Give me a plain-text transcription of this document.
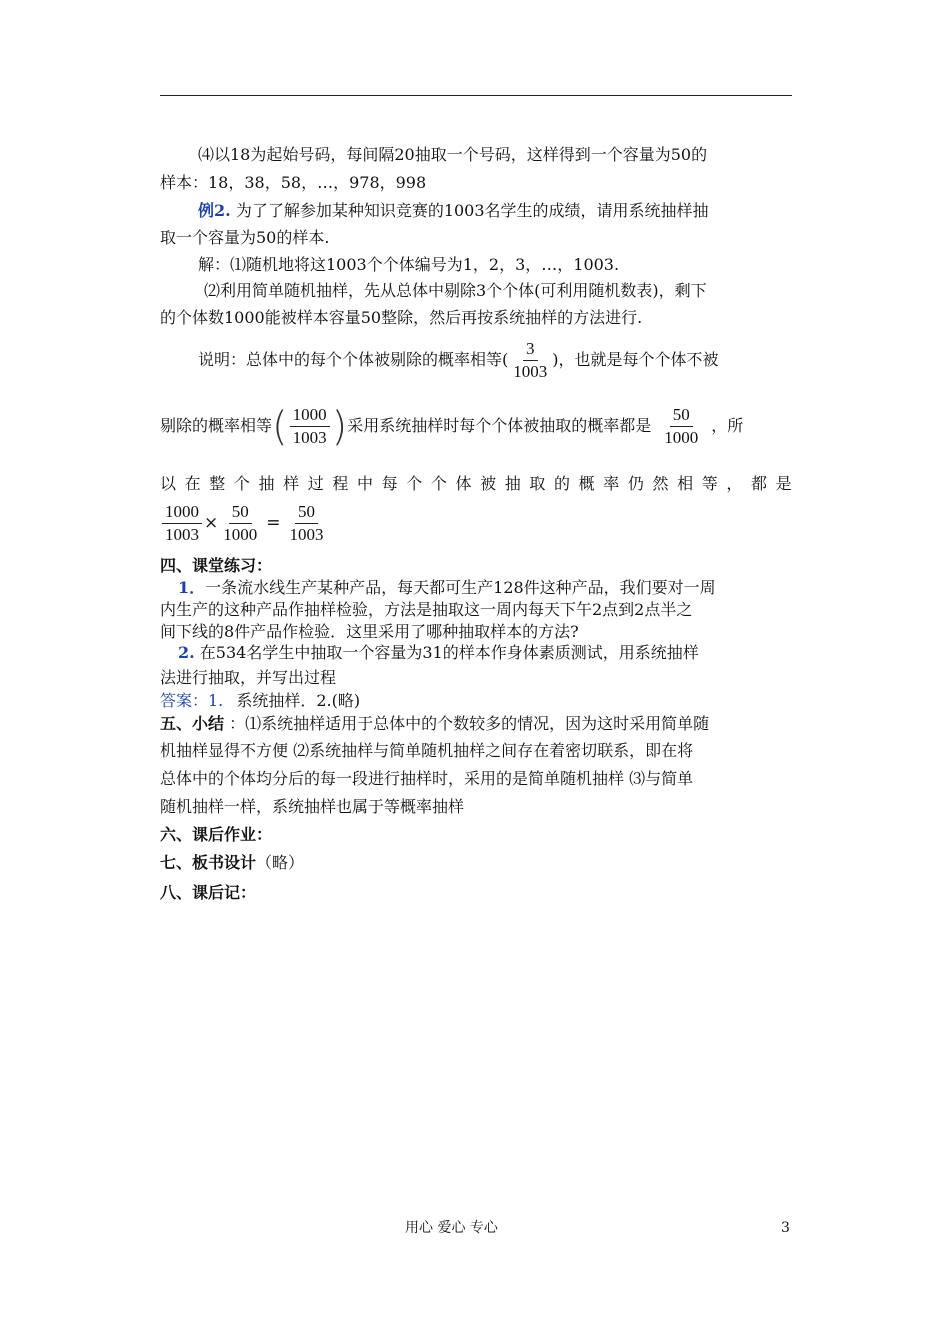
⑷以18为起始号码，每间隔20抽取一个号码，这样得到一个容量为50的
样本：18，38，58，…，978，998
例2. 为了了解参加某种知识竞赛的1003名学生的成绩，请用系统抽样抽
取一个容量为50的样本.
解：⑴随机地将这1003个个体编号为1，2，3，…，1003.
⑵利用简单随机抽样，先从总体中剔除3个个体(可利用随机数表)，剩下
的个体数1000能被样本容量50整除，然后再按系统抽样的方法进行.
说明：总体中的每个个体被剔除的概率相等( $\frac{3}{1003}$ )，也就是每个个体不被
剔除的概率相等( $\frac{1000}{1003}$ )采用系统抽样时每个个体被抽取的概率都是 $\frac{50}{1000}$ ，所
以 在 整 个 抽 样 过 程 中 每 个 个 体 被 抽 取 的 概 率 仍 然 相 等 ， 都 是
$\frac{1000}{1003} \times \frac{50}{1000} = \frac{50}{1003}$
四、课堂练习：
1．一条流水线生产某种产品，每天都可生产128件这种产品，我们要对一周
内生产的这种产品作抽样检验，方法是抽取这一周内每天下午2点到2点半之
间下线的8件产品作检验．这里采用了哪种抽取样本的方法?
2. 在534名学生中抽取一个容量为31的样本作身体素质测试，用系统抽样
法进行抽取，并写出过程
答案：1. 系统抽样．2.(略)
五、小结 ：⑴系统抽样适用于总体中的个数较多的情况，因为这时采用简单随
机抽样显得不方便 ⑵系统抽样与简单随机抽样之间存在着密切联系，即在将
总体中的个体均分后的每一段进行抽样时，采用的是简单随机抽样 ⑶与简单
随机抽样一样，系统抽样也属于等概率抽样
六、课后作业：
七、板书设计（略）
八、课后记：
用心 爱心 专心	3
